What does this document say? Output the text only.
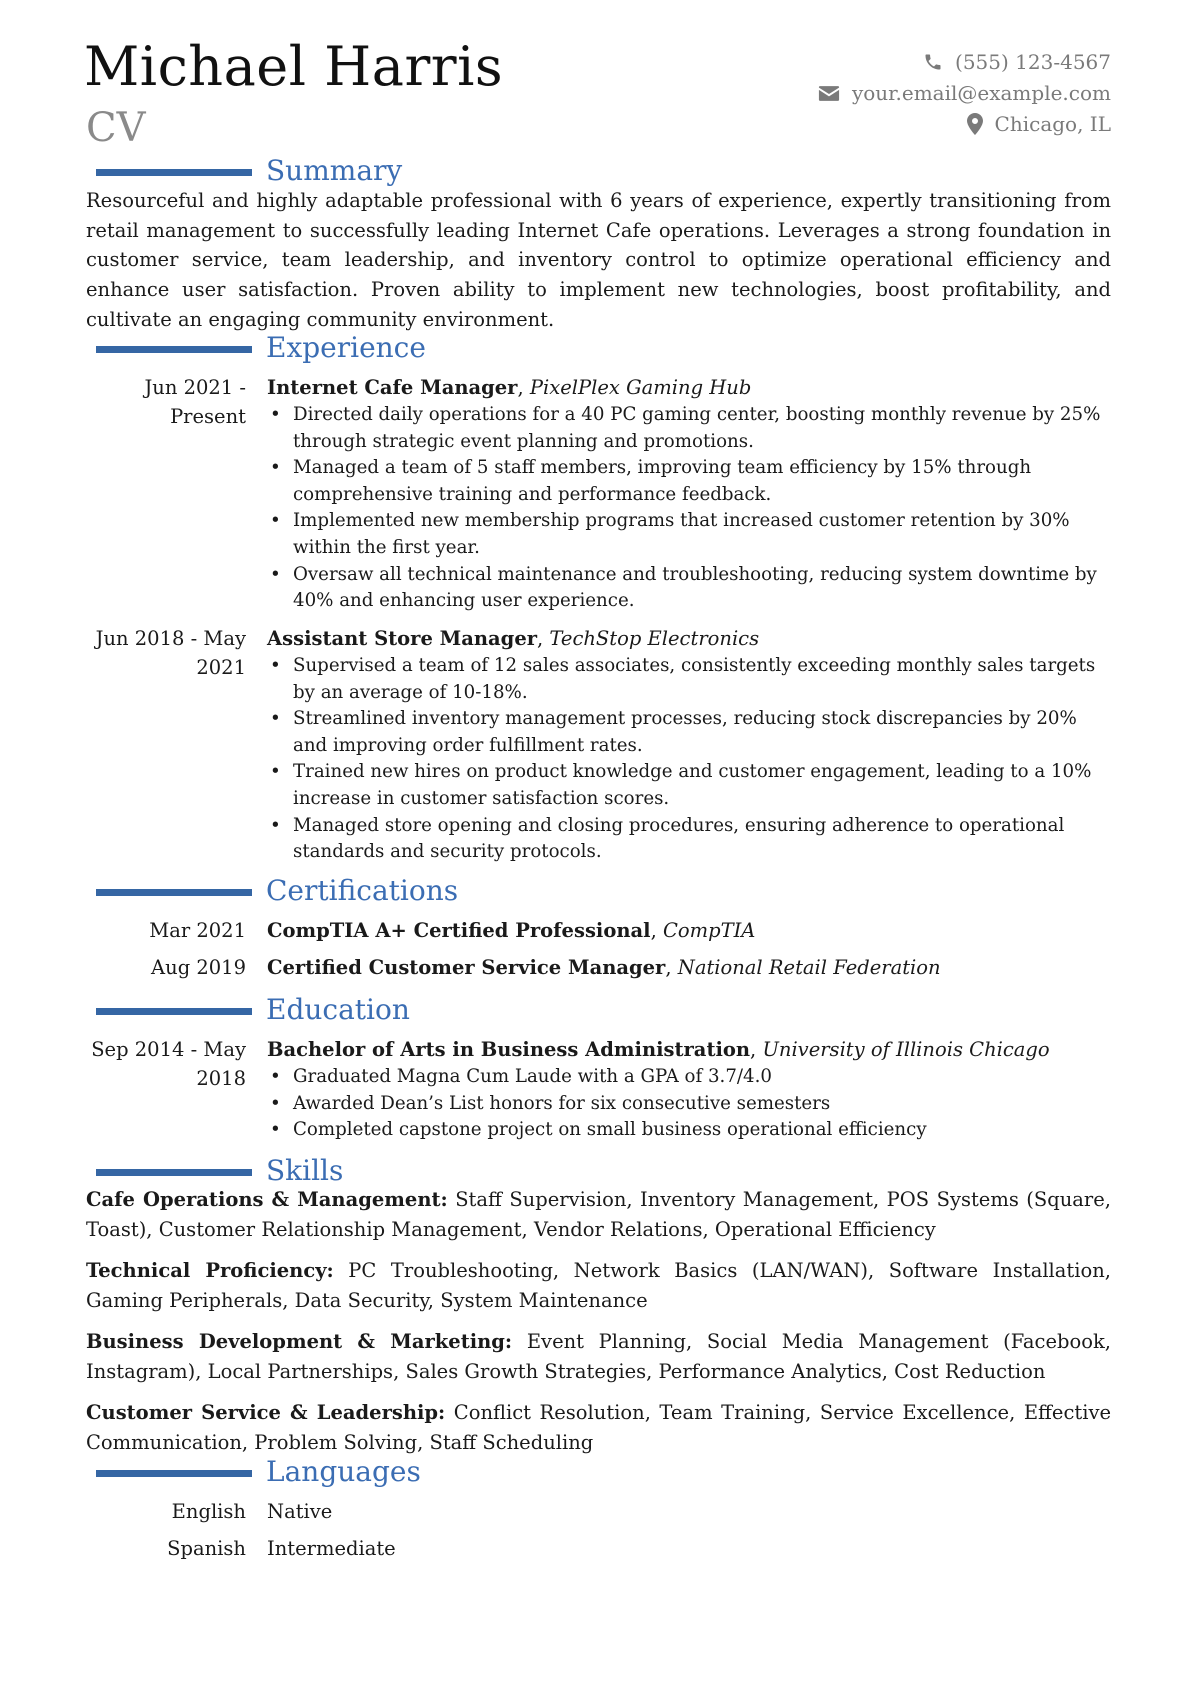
Michael Harris
CV
(555) 123-4567
your.email@example.com
Chicago, IL
Summary
Resourceful and highly adaptable professional with 6 years of experience, expertly transitioning from retail management to successfully leading Internet Cafe operations. Leverages a strong foundation in customer service, team leadership, and inventory control to optimize operational efficiency and enhance user satisfaction. Proven ability to implement new technologies, boost profitability, and cultivate an engaging community environment.
Experience
Jun 2021 - Present
Internet Cafe Manager, PixelPlex Gaming Hub
• Directed daily operations for a 40 PC gaming center, boosting monthly revenue by 25% through strategic event planning and promotions.
• Managed a team of 5 staff members, improving team efficiency by 15% through comprehensive training and performance feedback.
• Implemented new membership programs that increased customer retention by 30% within the first year.
• Oversaw all technical maintenance and troubleshooting, reducing system downtime by 40% and enhancing user experience.
Jun 2018 - May 2021
Assistant Store Manager, TechStop Electronics
• Supervised a team of 12 sales associates, consistently exceeding monthly sales targets by an average of 10-18%.
• Streamlined inventory management processes, reducing stock discrepancies by 20% and improving order fulfillment rates.
• Trained new hires on product knowledge and customer engagement, leading to a 10% increase in customer satisfaction scores.
• Managed store opening and closing procedures, ensuring adherence to operational standards and security protocols.
Certifications
Mar 2021 CompTIA A+ Certified Professional, CompTIA
Aug 2019 Certified Customer Service Manager, National Retail Federation
Education
Sep 2014 - May 2018
Bachelor of Arts in Business Administration, University of Illinois Chicago
• Graduated Magna Cum Laude with a GPA of 3.7/4.0
• Awarded Dean’s List honors for six consecutive semesters
• Completed capstone project on small business operational efficiency
Skills
Cafe Operations & Management: Staff Supervision, Inventory Management, POS Systems (Square, Toast), Customer Relationship Management, Vendor Relations, Operational Efficiency
Technical Proficiency: PC Troubleshooting, Network Basics (LAN/WAN), Software Installation, Gaming Peripherals, Data Security, System Maintenance
Business Development & Marketing: Event Planning, Social Media Management (Facebook, Instagram), Local Partnerships, Sales Growth Strategies, Performance Analytics, Cost Reduction
Customer Service & Leadership: Conflict Resolution, Team Training, Service Excellence, Effective Communication, Problem Solving, Staff Scheduling
Languages
English Native
Spanish Intermediate
